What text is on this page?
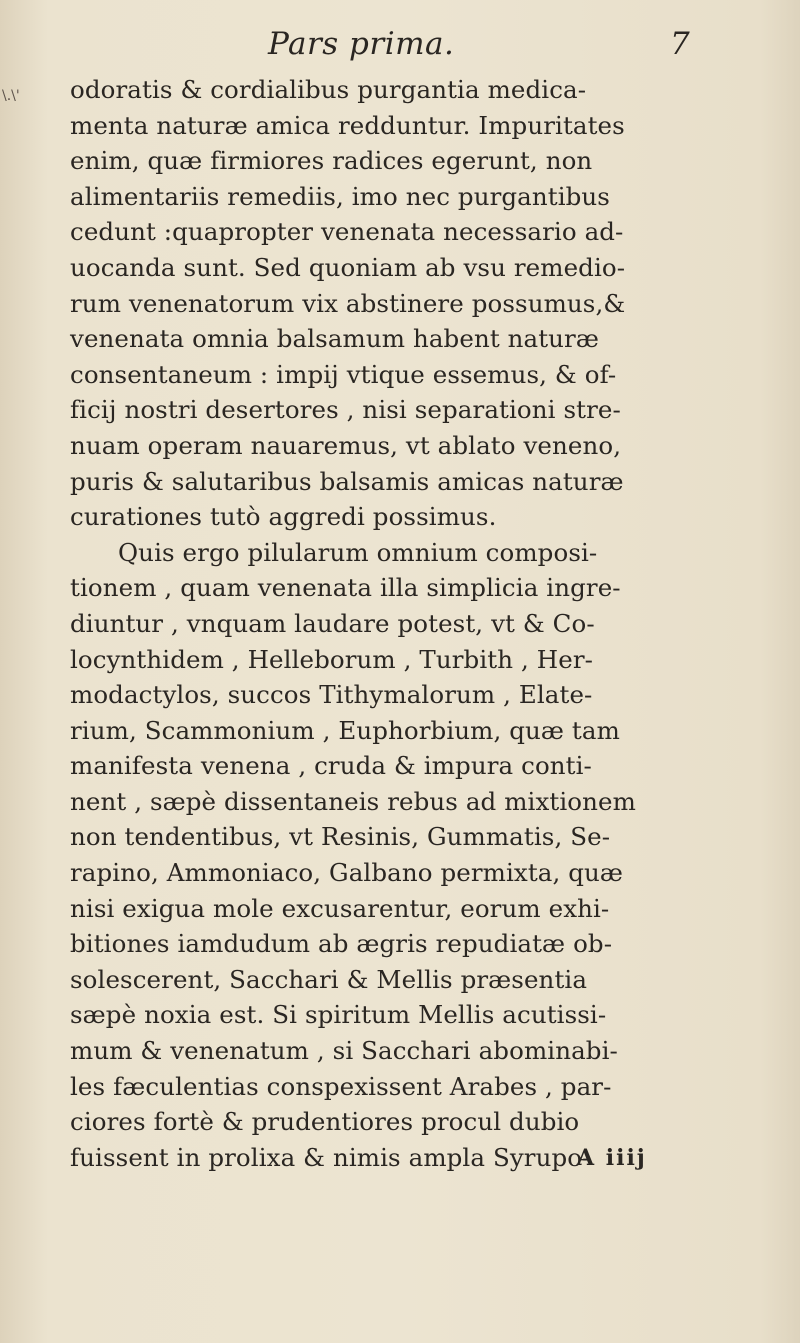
Pars prima.	7
\.\' odoratis & cordialibus purgantia medica-
menta naturæ amica redduntur. Impuritates
enim, quæ firmiores radices egerunt, non
alimentariis remediis, imo nec purgantibus
cedunt :quapropter venenata necessario ad-
uocanda sunt. Sed quoniam ab vsu remedio-
rum venenatorum vix abstinere possumus,&
venenata omnia balsamum habent naturæ
consentaneum : impij vtique essemus, & of-
ficij nostri desertores , nisi separationi stre-
nuam operam nauaremus, vt ablato veneno,
puris & salutaribus balsamis amicas naturæ
curationes tutò aggredi possimus.
Quis ergo pilularum omnium composi-
tionem , quam venenata illa simplicia ingre-
diuntur , vnquam laudare potest, vt & Co-
locynthidem , Helleborum , Turbith , Her-
modactylos, succos Tithymalorum , Elate-
rium, Scammonium , Euphorbium, quæ tam
manifesta venena , cruda & impura conti-
nent , sæpè dissentaneis rebus ad mixtionem
non tendentibus, vt Resinis, Gummatis, Se-
rapino, Ammoniaco, Galbano permixta, quæ
nisi exigua mole excusarentur, eorum exhi-
bitiones iamdudum ab ægris repudiatæ ob-
solescerent, Sacchari & Mellis præsentia
sæpè noxia est. Si spiritum Mellis acutissi-
mum & venenatum , si Sacchari abominabi-
les fæculentias conspexissent Arabes , par-
ciores fortè & prudentiores procul dubio
fuissent in prolixa & nimis ampla Syrupo-
A iiij
